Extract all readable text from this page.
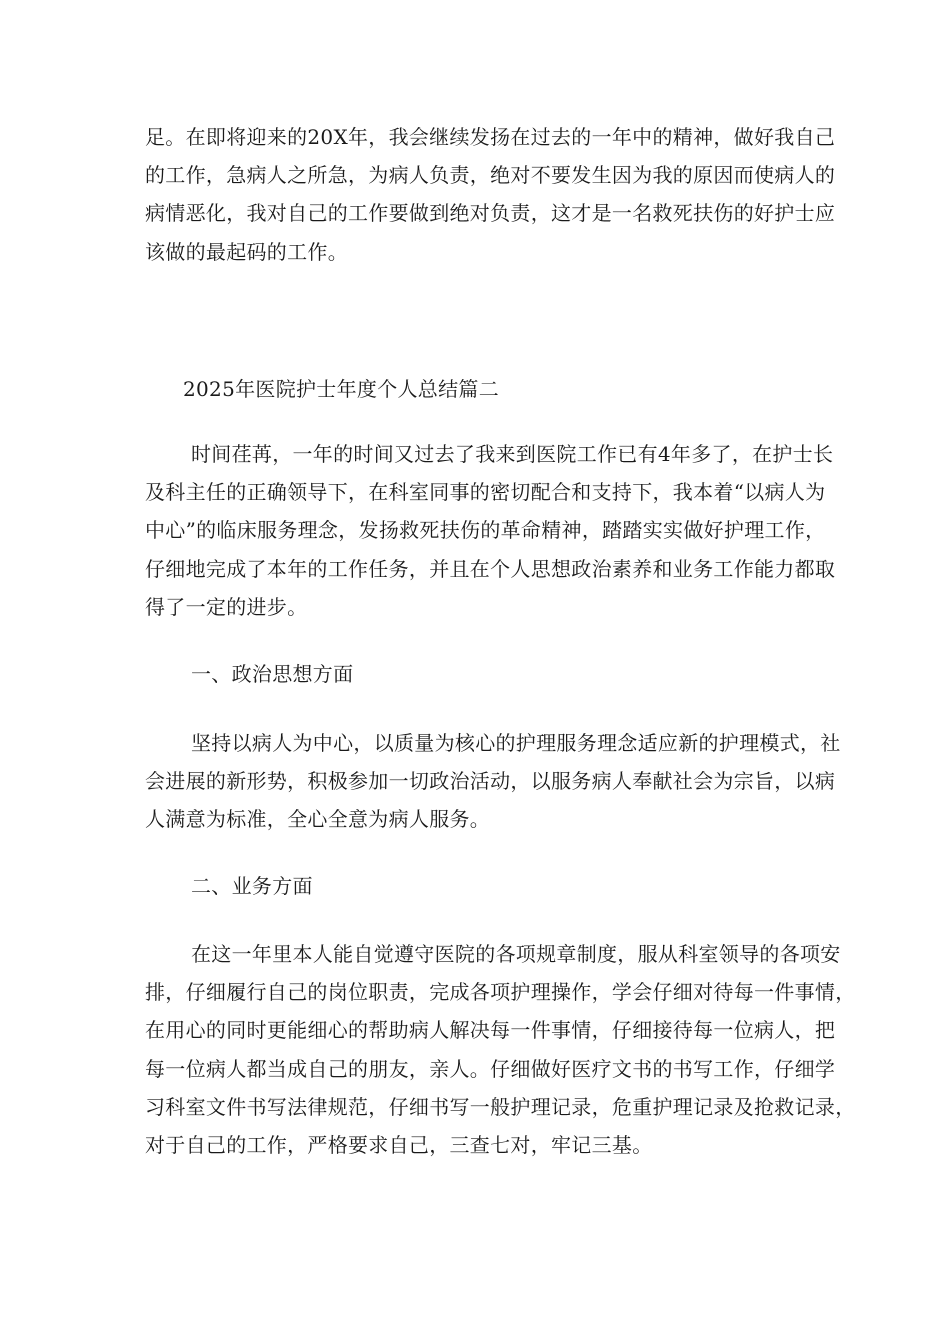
足。在即将迎来的20X年，我会继续发扬在过去的一年中的精神，做好我自己
的工作，急病人之所急，为病人负责，绝对不要发生因为我的原因而使病人的
病情恶化，我对自己的工作要做到绝对负责，这才是一名救死扶伤的好护士应
该做的最起码的工作。
2025年医院护士年度个人总结篇二
时间荏苒，一年的时间又过去了我来到医院工作已有4年多了，在护士长
及科主任的正确领导下，在科室同事的密切配合和支持下，我本着“以病人为
中心”的临床服务理念，发扬救死扶伤的革命精神，踏踏实实做好护理工作，
仔细地完成了本年的工作任务，并且在个人思想政治素养和业务工作能力都取
得了一定的进步。
一、政治思想方面
坚持以病人为中心，以质量为核心的护理服务理念适应新的护理模式，社
会进展的新形势，积极参加一切政治活动，以服务病人奉献社会为宗旨，以病
人满意为标准，全心全意为病人服务。
二、业务方面
在这一年里本人能自觉遵守医院的各项规章制度，服从科室领导的各项安
排，仔细履行自己的岗位职责，完成各项护理操作，学会仔细对待每一件事情，
在用心的同时更能细心的帮助病人解决每一件事情，仔细接待每一位病人，把
每一位病人都当成自己的朋友，亲人。仔细做好医疗文书的书写工作，仔细学
习科室文件书写法律规范，仔细书写一般护理记录，危重护理记录及抢救记录，
对于自己的工作，严格要求自己，三查七对，牢记三基。
